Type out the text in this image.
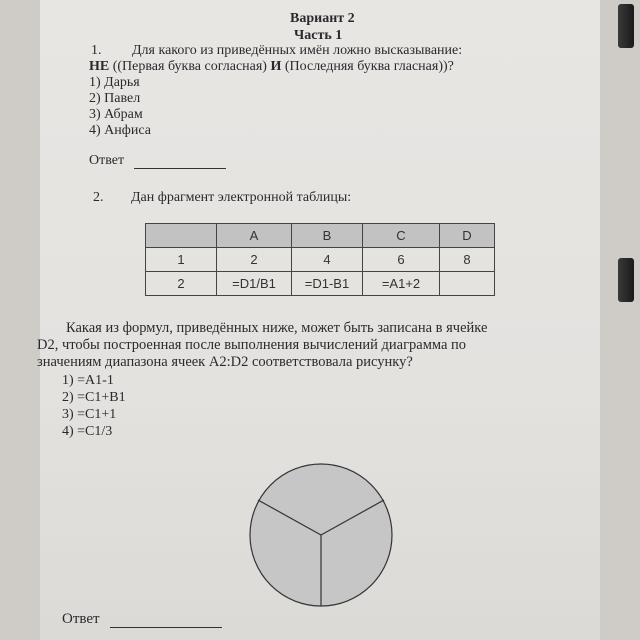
Вариант 2
Часть 1
1. Для какого из приведённых имён ложно высказывание:
НЕ ((Первая буква согласная) И (Последняя буква гласная))?
1) Дарья
2) Павел
3) Абрам
4) Анфиса
Ответ
2. Дан фрагмент электронной таблицы:
	A	B	C	D
1	2	4	6	8
2	=D1/B1	=D1-B1	=A1+2	
Какая из формул, приведённых ниже, может быть записана в ячейке
D2, чтобы построенная после выполнения вычислений диаграмма по
значениям диапазона ячеек A2:D2 соответствовала рисунку?
1) =A1-1
2) =C1+B1
3) =C1+1
4) =C1/3
Ответ
